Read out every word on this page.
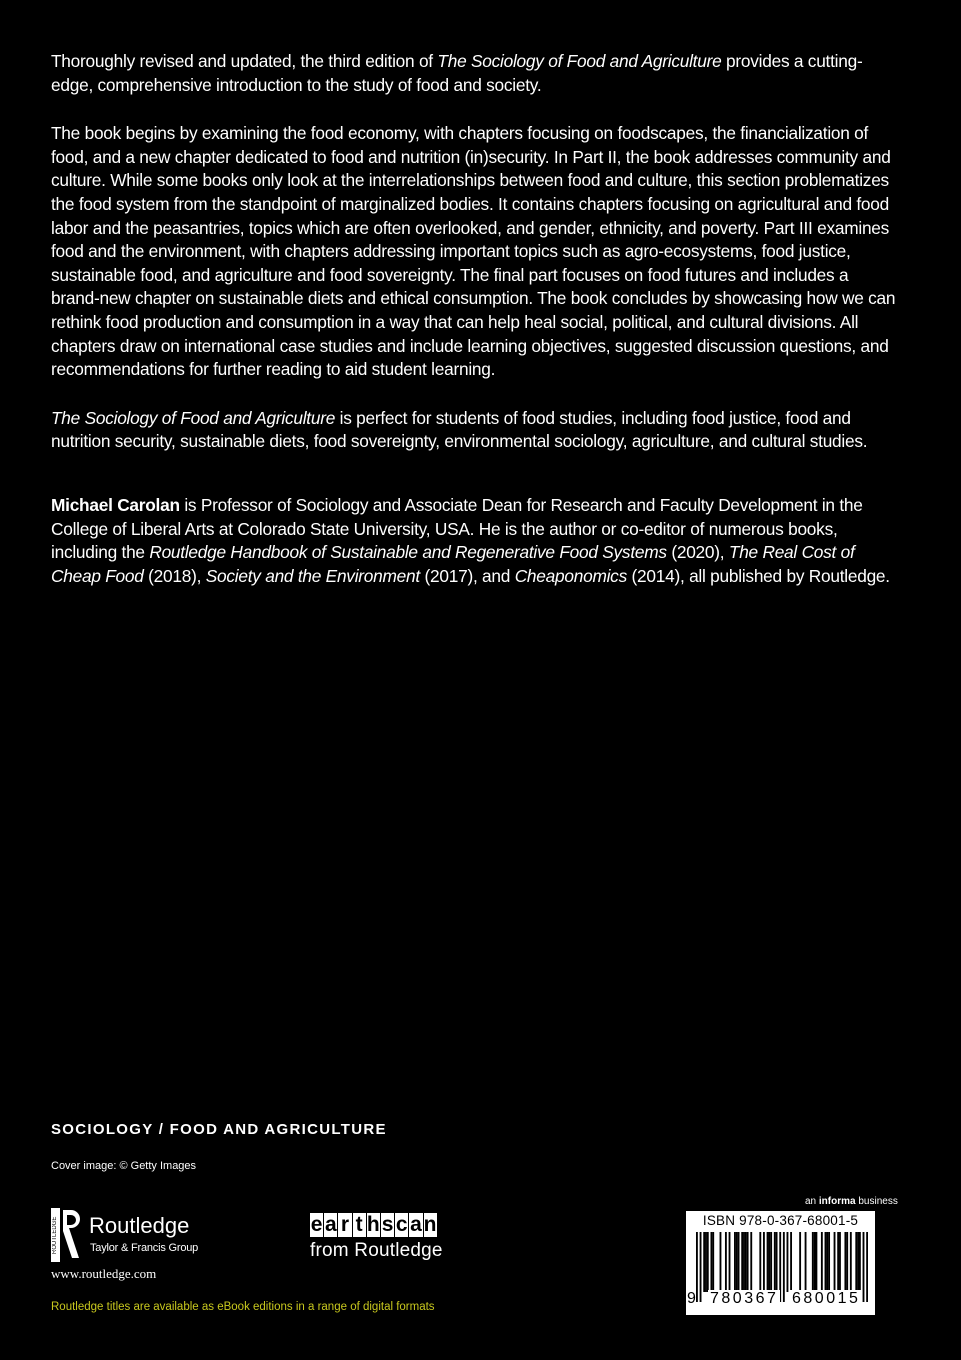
Thoroughly revised and updated, the third edition of The Sociology of Food and Agriculture provides a cutting-edge, comprehensive introduction to the study of food and society.

The book begins by examining the food economy, with chapters focusing on foodscapes, the financialization of food, and a new chapter dedicated to food and nutrition (in)security. In Part II, the book addresses community and culture. While some books only look at the interrelationships between food and culture, this section problematizes the food system from the standpoint of marginalized bodies. It contains chapters focusing on agricultural and food labor and the peasantries, topics which are often overlooked, and gender, ethnicity, and poverty. Part III examines food and the environment, with chapters addressing important topics such as agro-ecosystems, food justice, sustainable food, and agriculture and food sovereignty. The final part focuses on food futures and includes a brand-new chapter on sustainable diets and ethical consumption. The book concludes by showcasing how we can rethink food production and consumption in a way that can help heal social, political, and cultural divisions. All chapters draw on international case studies and include learning objectives, suggested discussion questions, and recommendations for further reading to aid student learning.

The Sociology of Food and Agriculture is perfect for students of food studies, including food justice, food and nutrition security, sustainable diets, food sovereignty, environmental sociology, agriculture, and cultural studies.

Michael Carolan is Professor of Sociology and Associate Dean for Research and Faculty Development in the College of Liberal Arts at Colorado State University, USA. He is the author or co-editor of numerous books, including the Routledge Handbook of Sustainable and Regenerative Food Systems (2020), The Real Cost of Cheap Food (2018), Society and the Environment (2017), and Cheaponomics (2014), all published by Routledge.

SOCIOLOGY / FOOD AND AGRICULTURE
Cover image: © Getty Images
ROUTLEDGE Routledge
Taylor & Francis Group
www.routledge.com
e a r t h s c a n
from Routledge
Routledge titles are available as eBook editions in a range of digital formats
an informa business
ISBN 978-0-367-68001-5
9 780367 680015
